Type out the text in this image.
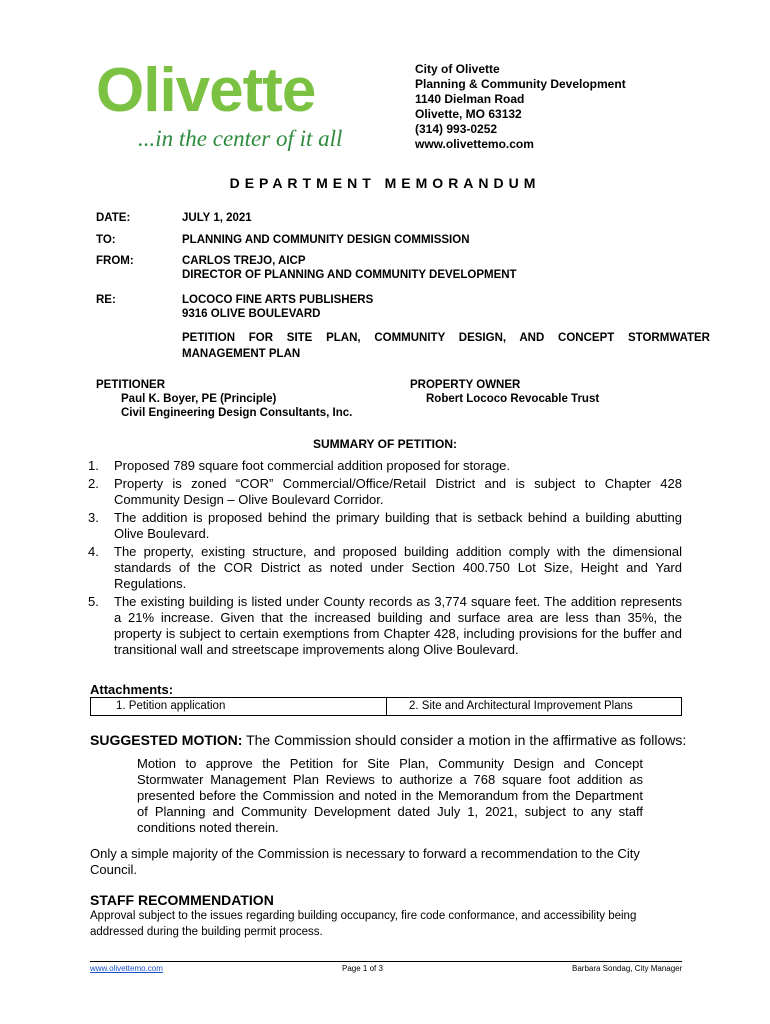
Olivette
...in the center of it all
City of Olivette
Planning & Community Development
1140 Dielman Road
Olivette, MO 63132
(314) 993-0252
www.olivettemo.com
DEPARTMENT MEMORANDUM
DATE:	JULY 1, 2021
TO:	PLANNING AND COMMUNITY DESIGN COMMISSION
FROM:	CARLOS TREJO, AICP
DIRECTOR OF PLANNING AND COMMUNITY DEVELOPMENT
RE:	LOCOCO FINE ARTS PUBLISHERS
9316 OLIVE BOULEVARD
PETITION FOR SITE PLAN, COMMUNITY DESIGN, AND CONCEPT STORMWATER MANAGEMENT PLAN
PETITIONER
Paul K. Boyer, PE (Principle)
Civil Engineering Design Consultants, Inc.
PROPERTY OWNER
Robert Lococo Revocable Trust
SUMMARY OF PETITION:
1. Proposed 789 square foot commercial addition proposed for storage.
2. Property is zoned “COR” Commercial/Office/Retail District and is subject to Chapter 428 Community Design – Olive Boulevard Corridor.
3. The addition is proposed behind the primary building that is setback behind a building abutting Olive Boulevard.
4. The property, existing structure, and proposed building addition comply with the dimensional standards of the COR District as noted under Section 400.750 Lot Size, Height and Yard Regulations.
5. The existing building is listed under County records as 3,774 square feet. The addition represents a 21% increase. Given that the increased building and surface area are less than 35%, the property is subject to certain exemptions from Chapter 428, including provisions for the buffer and transitional wall and streetscape improvements along Olive Boulevard.
Attachments:
1. Petition application	2. Site and Architectural Improvement Plans
SUGGESTED MOTION: The Commission should consider a motion in the affirmative as follows:
Motion to approve the Petition for Site Plan, Community Design and Concept Stormwater Management Plan Reviews to authorize a 768 square foot addition as presented before the Commission and noted in the Memorandum from the Department of Planning and Community Development dated July 1, 2021, subject to any staff conditions noted therein.
Only a simple majority of the Commission is necessary to forward a recommendation to the City Council.
STAFF RECOMMENDATION
Approval subject to the issues regarding building occupancy, fire code conformance, and accessibility being addressed during the building permit process.
www.olivettemo.com	Page 1 of 3	Barbara Sondag, City Manager
